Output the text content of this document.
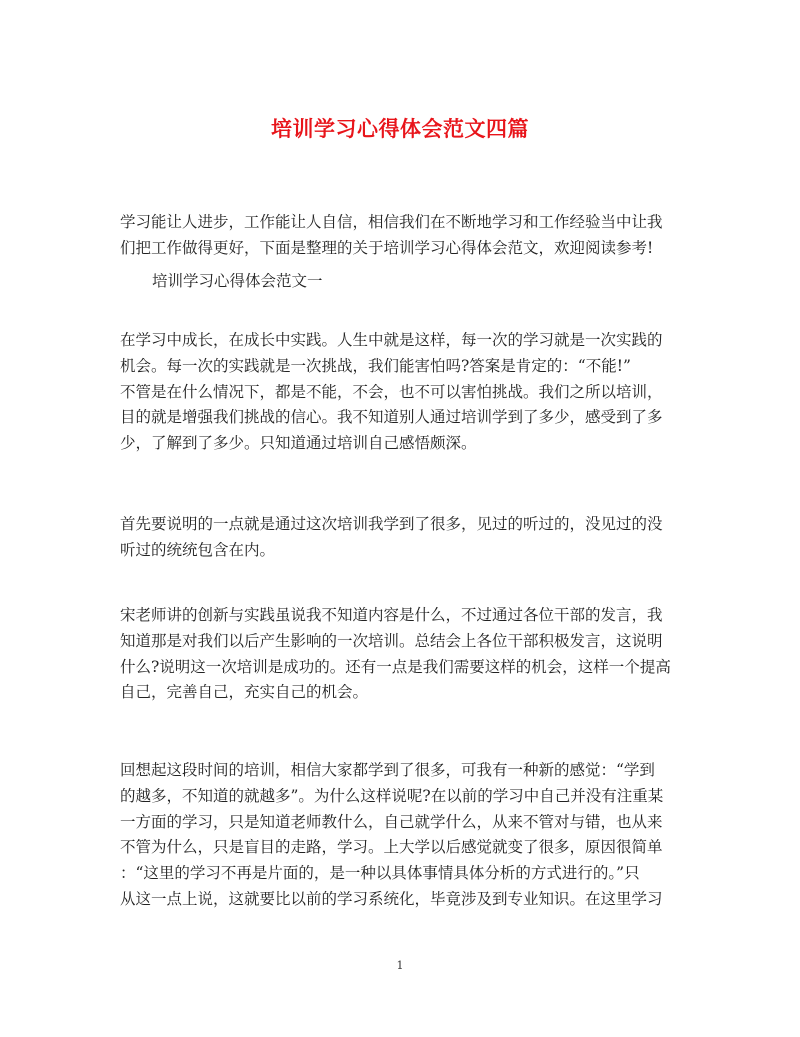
培训学习心得体会范文四篇

学习能让人进步，工作能让人自信，相信我们在不断地学习和工作经验当中让我
们把工作做得更好，下面是整理的关于培训学习心得体会范文，欢迎阅读参考!

培训学习心得体会范文一

在学习中成长，在成长中实践。人生中就是这样，每一次的学习就是一次实践的
机会。每一次的实践就是一次挑战，我们能害怕吗?答案是肯定的：“不能!”
不管是在什么情况下，都是不能，不会，也不可以害怕挑战。我们之所以培训，
目的就是增强我们挑战的信心。我不知道别人通过培训学到了多少，感受到了多
少，了解到了多少。只知道通过培训自己感悟颇深。

首先要说明的一点就是通过这次培训我学到了很多，见过的听过的，没见过的没
听过的统统包含在内。

宋老师讲的创新与实践虽说我不知道内容是什么，不过通过各位干部的发言，我
知道那是对我们以后产生影响的一次培训。总结会上各位干部积极发言，这说明
什么?说明这一次培训是成功的。还有一点是我们需要这样的机会，这样一个提高
自己，完善自己，充实自己的机会。

回想起这段时间的培训，相信大家都学到了很多，可我有一种新的感觉：“学到
的越多，不知道的就越多”。为什么这样说呢?在以前的学习中自己并没有注重某
一方面的学习，只是知道老师教什么，自己就学什么，从来不管对与错，也从来
不管为什么，只是盲目的走路，学习。上大学以后感觉就变了很多，原因很简单
：“这里的学习不再是片面的，是一种以具体事情具体分析的方式进行的。”只
从这一点上说，这就要比以前的学习系统化，毕竟涉及到专业知识。在这里学习

1
